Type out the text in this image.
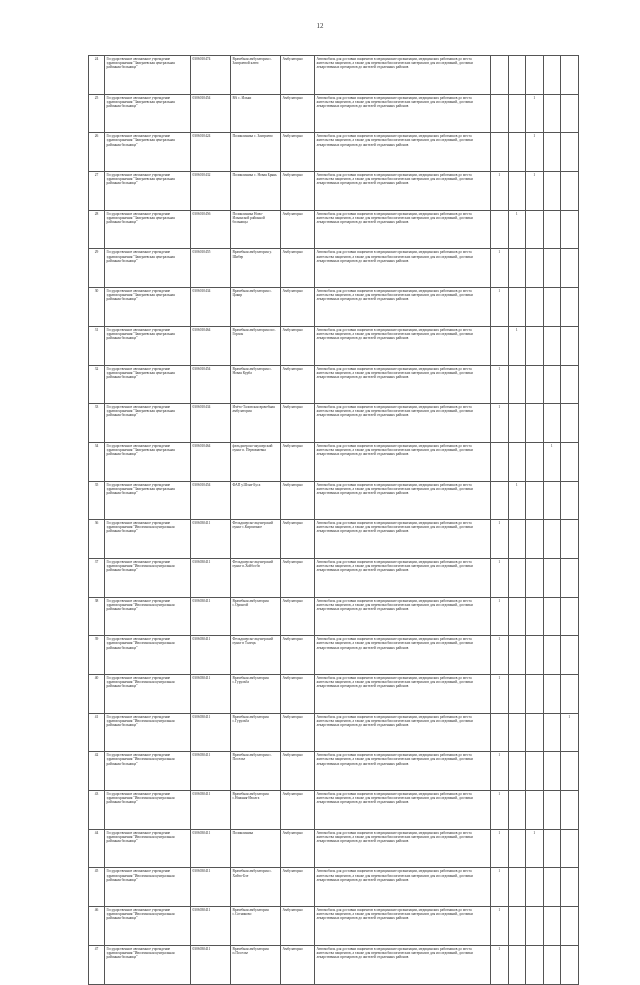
12
24	Государственное автономное учреждение здравоохранения "Заиграевская центральная районная больница"	0306010474	Врачебная амбулатория с. Заиграевой ключ	Амбулаторно	Автомобиль для доставки пациентов в медицинские организации, медицинских работников до места жительства пациентов, а также для перевозки биологических материалов для исследований, доставки лекарственных препаратов до жителей отдаленных районов					
25	Государственное автономное учреждение здравоохранения "Заиграевская центральная районная больница"	0306010454	ВА с. Ильки	Амбулаторно	Автомобиль для доставки пациентов в медицинские организации, медицинских работников до места жительства пациентов, а также для перевозки биологических материалов для исследований, доставки лекарственных препаратов до жителей отдаленных районов			1		
26	Государственное автономное учреждение здравоохранения "Заиграевская центральная районная больница"	0306010424	Поликлиника с. Заиграево	Амбулаторно	Автомобиль для доставки пациентов в медицинские организации, медицинских работников до места жительства пациентов, а также для перевозки биологических материалов для исследований, доставки лекарственных препаратов до жителей отдаленных районов			1		
27	Государственное автономное учреждение здравоохранения "Заиграевская центральная районная больница"	0306010432	Поликлиника с. Новая Брянь	Амбулаторно	Автомобиль для доставки пациентов в медицинские организации, медицинских работников до места жительства пациентов, а также для перевозки биологических материалов для исследований, доставки лекарственных препаратов до жителей отдаленных районов	1		1		
28	Государственное автономное учреждение здравоохранения "Заиграевская центральная районная больница"	0306010456	Поликлиника Ново-Ильинской районной больницы	Амбулаторно	Автомобиль для доставки пациентов в медицинские организации, медицинских работников до места жительства пациентов, а также для перевозки биологических материалов для исследований, доставки лекарственных препаратов до жителей отдаленных районов		1			
29	Государственное автономное учреждение здравоохранения "Заиграевская центральная районная больница"	0306010455	Врачебная амбулатория у. Шибер	Амбулаторно	Автомобиль для доставки пациентов в медицинские организации, медицинских работников до места жительства пациентов, а также для перевозки биологических материалов для исследований, доставки лекарственных препаратов до жителей отдаленных районов	1				
30	Государственное автономное учреждение здравоохранения "Заиграевская центральная районная больница"	0306010434	Врачебная амбулатория с. Цакир	Амбулаторно	Автомобиль для доставки пациентов в медицинские организации, медицинских работников до места жительства пациентов, а также для перевозки биологических материалов для исследований, доставки лекарственных препаратов до жителей отдаленных районов	1				
31	Государственное автономное учреждение здравоохранения "Заиграевская центральная районная больница"	0306010464	Врачебная амбулатория пос. Горхон	Амбулаторно	Автомобиль для доставки пациентов в медицинские организации, медицинских работников до места жительства пациентов, а также для перевозки биологических материалов для исследований, доставки лекарственных препаратов до жителей отдаленных районов		1			
32	Государственное автономное учреждение здравоохранения "Заиграевская центральная районная больница"	0306010454	Врачебная амбулатория с. Новая Курба	Амбулаторно	Автомобиль для доставки пациентов в медицинские организации, медицинских работников до места жительства пациентов, а также для перевозки биологических материалов для исследований, доставки лекарственных препаратов до жителей отдаленных районов	1				
33	Государственное автономное учреждение здравоохранения "Заиграевская центральная районная больница"	0306010434	Ичёто-Таловская врачебная амбулатория	Амбулаторно	Автомобиль для доставки пациентов в медицинские организации, медицинских работников до места жительства пациентов, а также для перевозки биологических материалов для исследований, доставки лекарственных препаратов до жителей отдаленных районов	1				
34	Государственное автономное учреждение здравоохранения "Заиграевская центральная районная больница"	0306010464	фельдшерско-акушерский пункт п. Первомаевка	Амбулаторно	Автомобиль для доставки пациентов в медицинские организации, медицинских работников до места жительства пациентов, а также для перевозки биологических материалов для исследований, доставки лекарственных препаратов до жителей отдаленных районов				1	
35	Государственное автономное учреждение здравоохранения "Заиграевская центральная районная больница"	0306010454	ФАП у.Шэнэ-Буса	Амбулаторно	Автомобиль для доставки пациентов в медицинские организации, медицинских работников до места жительства пациентов, а также для перевозки биологических материалов для исследований, доставки лекарственных препаратов до жителей отдаленных районов		1			
36	Государственное автономное учреждение здравоохранения "Иволгинская центральная районная больница"	0306030411	Фельдшерско-акушерский пункт с.Кирпичное	Амбулаторно	Автомобиль для доставки пациентов в медицинские организации, медицинских работников до места жительства пациентов, а также для перевозки биологических материалов для исследований, доставки лекарственных препаратов до жителей отдаленных районов	1				
37	Государственное автономное учреждение здравоохранения "Иволгинская центральная районная больница"	0306030411	Фельдшерско-акушерский пункт п.Хойбосбо	Амбулаторно	Автомобиль для доставки пациентов в медицинские организации, медицинских работников до места жительства пациентов, а также для перевозки биологических материалов для исследований, доставки лекарственных препаратов до жителей отдаленных районов	1				
38	Государственное автономное учреждение здравоохранения "Иволгинская центральная районная больница"	0306030411	Врачебная амбулатория с.Оронгой	Амбулаторно	Автомобиль для доставки пациентов в медицинские организации, медицинских работников до места жительства пациентов, а также для перевозки биологических материалов для исследований, доставки лекарственных препаратов до жителей отдаленных районов	1				
39	Государственное автономное учреждение здравоохранения "Иволгинская центральная районная больница"	0306030411	Фельдшерско-акушерский пункт в Талецк	Амбулаторно	Автомобиль для доставки пациентов в медицинские организации, медицинских работников до места жительства пациентов, а также для перевозки биологических материалов для исследований, доставки лекарственных препаратов до жителей отдаленных районов	1				
40	Государственное автономное учреждение здравоохранения "Иволгинская центральная районная больница"	0306030411	Врачебная амбулатория с.Гурульба	Амбулаторно	Автомобиль для доставки пациентов в медицинские организации, медицинских работников до места жительства пациентов, а также для перевозки биологических материалов для исследований, доставки лекарственных препаратов до жителей отдаленных районов	1				
41	Государственное автономное учреждение здравоохранения "Иволгинская центральная районная больница"	0306030411	Врачебная амбулатория с.Гурульба	Амбулаторно	Автомобиль для доставки пациентов в медицинские организации, медицинских работников до места жительства пациентов, а также для перевозки биологических материалов для исследований, доставки лекарственных препаратов до жителей отдаленных районов					1
42	Государственное автономное учреждение здравоохранения "Иволгинская центральная районная больница"	0306030411	Врачебная амбулатория с. Поселье	Амбулаторно	Автомобиль для доставки пациентов в медицинские организации, медицинских работников до места жительства пациентов, а также для перевозки биологических материалов для исследований, доставки лекарственных препаратов до жителей отдаленных районов	1				
43	Государственное автономное учреждение здравоохранения "Иволгинская центральная районная больница"	0306030411	Врачебная амбулатория с.Нижняя-Иволга	Амбулаторно	Автомобиль для доставки пациентов в медицинские организации, медицинских работников до места жительства пациентов, а также для перевозки биологических материалов для исследований, доставки лекарственных препаратов до жителей отдаленных районов	1				
44	Государственное автономное учреждение здравоохранения "Иволгинская центральная районная больница"	0306030411	Поликлиника	Амбулаторно	Автомобиль для доставки пациентов в медицинские организации, медицинских работников до места жительства пациентов, а также для перевозки биологических материалов для исследований, доставки лекарственных препаратов до жителей отдаленных районов	1		1		
45	Государственное автономное учреждение здравоохранения "Иволгинская центральная районная больница"	0306030411	Врачебная амбулатория с. Хойто-Бэе	Амбулаторно	Автомобиль для доставки пациентов в медицинские организации, медицинских работников до места жительства пациентов, а также для перевозки биологических материалов для исследований, доставки лекарственных препаратов до жителей отдаленных районов	1				
46	Государственное автономное учреждение здравоохранения "Иволгинская центральная районная больница"	0306030411	Врачебная амбулатория с.Сотниково	Амбулаторно	Автомобиль для доставки пациентов в медицинские организации, медицинских работников до места жительства пациентов, а также для перевозки биологических материалов для исследований, доставки лекарственных препаратов до жителей отдаленных районов	1				
47	Государственное автономное учреждение здравоохранения "Иволгинская центральная районная больница"	0306030411	Врачебная амбулатория п.Поселье	Амбулаторно	Автомобиль для доставки пациентов в медицинские организации, медицинских работников до места жительства пациентов, а также для перевозки биологических материалов для исследований, доставки лекарственных препаратов до жителей отдаленных районов	1				
